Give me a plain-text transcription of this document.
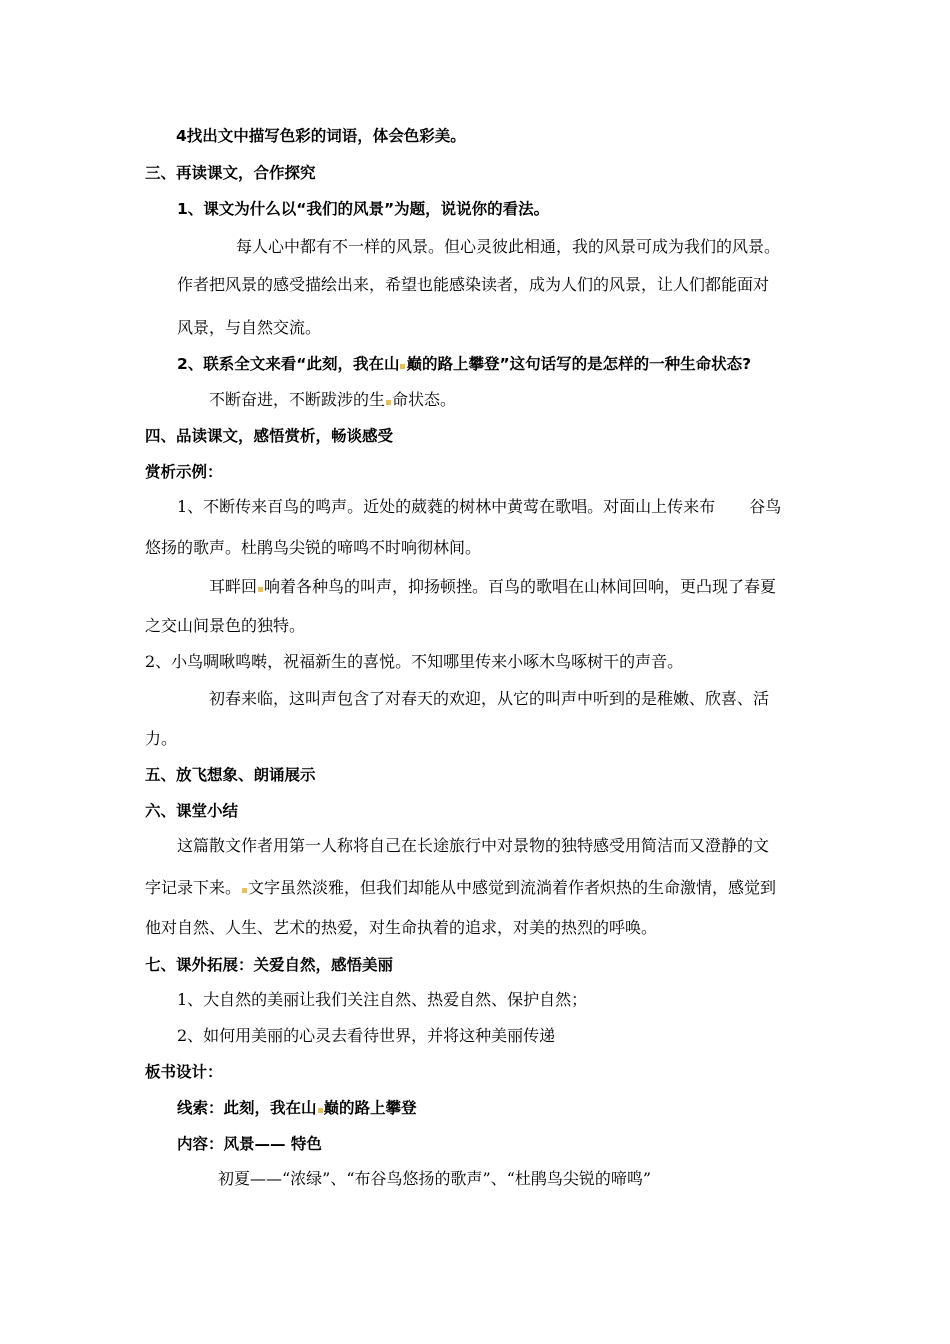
4找出文中描写色彩的词语，体会色彩美。
三、再读课文，合作探究
1、课文为什么以“我们的风景”为题，说说你的看法。
每人心中都有不一样的风景。但心灵彼此相通，我的风景可成为我们的风景。
作者把风景的感受描绘出来，希望也能感染读者，成为人们的风景，让人们都能面对
风景，与自然交流。
2、联系全文来看“此刻，我在山 巅的路上攀登”这句话写的是怎样的一种生命状态?
不断奋进，不断跋涉的生 命状态。
四、品读课文，感悟赏析，畅谈感受
赏析示例：
1、不断传来百鸟的鸣声。近处的葳蕤的树林中黄莺在歌唱。对面山上传来布 谷鸟
悠扬的歌声。杜鹃鸟尖锐的啼鸣不时响彻林间。
耳畔回 响着各种鸟的叫声，抑扬顿挫。百鸟的歌唱在山林间回响，更凸现了春夏
之交山间景色的独特。
2、小鸟啁啾鸣啭，祝福新生的喜悦。不知哪里传来小啄木鸟啄树干的声音。
初春来临，这叫声包含了对春天的欢迎，从它的叫声中听到的是稚嫩、欣喜、活
力。
五、放飞想象、朗诵展示
六、课堂小结
这篇散文作者用第一人称将自己在长途旅行中对景物的独特感受用简洁而又澄静的文
字记录下来。 文字虽然淡雅，但我们却能从中感觉到流淌着作者炽热的生命激情，感觉到
他对自然、人生、艺术的热爱，对生命执着的追求，对美的热烈的呼唤。
七、课外拓展：关爱自然，感悟美丽
1、大自然的美丽让我们关注自然、热爱自然、保护自然；
2、如何用美丽的心灵去看待世界，并将这种美丽传递
板书设计：
线索：此刻，我在山 巅的路上攀登
内容：风景—— 特色
初夏——“浓绿”、“布谷鸟悠扬的歌声”、“杜鹃鸟尖锐的啼鸣”
